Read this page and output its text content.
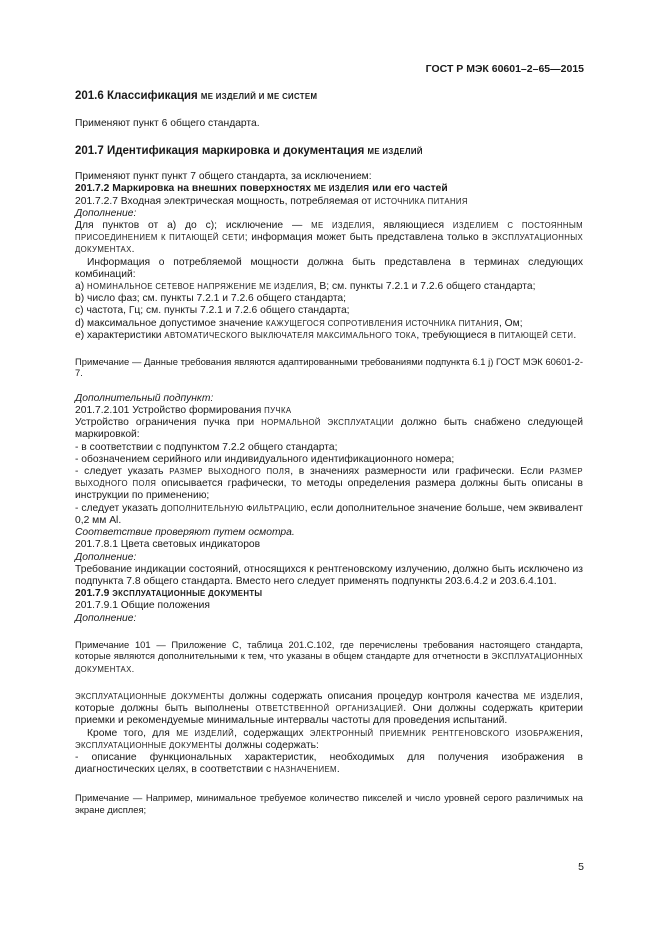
ГОСТ Р МЭК 60601–2–65—2015
201.6 Классификация МЕ ИЗДЕЛИЙ И МЕ СИСТЕМ

Применяют пункт 6 общего стандарта.

201.7 Идентификация маркировка и документация МЕ ИЗДЕЛИЙ

Применяют пункт пункт 7 общего стандарта, за исключением:

201.7.2 Маркировка на внешних поверхностях МЕ ИЗДЕЛИЯ или его частей

201.7.2.7 Входная электрическая мощность, потребляемая от ИСТОЧНИКА ПИТАНИЯ

Дополнение:

Для пунктов от a) до с); исключение — МЕ ИЗДЕЛИЯ, являющиеся ИЗДЕЛИЕМ С ПОСТОЯННЫМ ПРИСОЕДИНЕНИЕМ К ПИТАЮЩЕЙ СЕТИ; информация может быть представлена только в ЭКСПЛУАТАЦИОННЫХ ДОКУМЕНТАХ.

Информация о потребляемой мощности должна быть представлена в терминах следующих комбинаций:

a) НОМИНАЛЬНОЕ СЕТЕВОЕ НАПРЯЖЕНИЕ МЕ ИЗДЕЛИЯ, В; см. пункты 7.2.1 и 7.2.6 общего стандарта;

b) число фаз; см. пункты 7.2.1 и 7.2.6 общего стандарта;

c) частота, Гц; см. пункты 7.2.1 и 7.2.6 общего стандарта;

d) максимальное допустимое значение КАЖУЩЕГОСЯ СОПРОТИВЛЕНИЯ ИСТОЧНИКА ПИТАНИЯ, Ом;

e) характеристики АВТОМАТИЧЕСКОГО ВЫКЛЮЧАТЕЛЯ МАКСИМАЛЬНОГО ТОКА, требующиеся в ПИТАЮЩЕЙ СЕТИ.

Примечание — Данные требования являются адаптированными требованиями подпункта 6.1 j) ГОСТ МЭК 60601-2-7.

Дополнительный подпункт:

201.7.2.101 Устройство формирования ПУЧКА

Устройство ограничения пучка при НОРМАЛЬНОЙ ЭКСПЛУАТАЦИИ должно быть снабжено следующей маркировкой:

- в соответствии с подпунктом 7.2.2 общего стандарта;

- обозначением серийного или индивидуального идентификационного номера;

- следует указать РАЗМЕР ВЫХОДНОГО ПОЛЯ, в значениях размерности или графически. Если РАЗМЕР ВЫХОДНОГО ПОЛЯ описывается графически, то методы определения размера должны быть описаны в инструкции по применению;

- следует указать ДОПОЛНИТЕЛЬНУЮ ФИЛЬТРАЦИЮ, если дополнительное значение больше, чем эквивалент 0,2 мм Al.

Соответствие проверяют путем осмотра.

201.7.8.1 Цвета световых индикаторов

Дополнение:

Требование индикации состояний, относящихся к рентгеновскому излучению, должно быть исключено из подпункта 7.8 общего стандарта. Вместо него следует применять подпункты 203.6.4.2 и 203.6.4.101.

201.7.9 ЭКСПЛУАТАЦИОННЫЕ ДОКУМЕНТЫ

201.7.9.1 Общие положения

Дополнение:

Примечание 101 — Приложение С, таблица 201.С.102, где перечислены требования настоящего стандарта, которые являются дополнительными к тем, что указаны в общем стандарте для отчетности в ЭКСПЛУАТАЦИОННЫХ ДОКУМЕНТАХ.

ЭКСПЛУАТАЦИОННЫЕ ДОКУМЕНТЫ должны содержать описания процедур контроля качества МЕ ИЗДЕЛИЯ, которые должны быть выполнены ОТВЕТСТВЕННОЙ ОРГАНИЗАЦИЕЙ. Они должны содержать критерии приемки и рекомендуемые минимальные интервалы частоты для проведения испытаний.

Кроме того, для МЕ ИЗДЕЛИЙ, содержащих ЭЛЕКТРОННЫЙ ПРИЕМНИК РЕНТГЕНОВСКОГО ИЗОБРАЖЕНИЯ, ЭКСПЛУАТАЦИОННЫЕ ДОКУМЕНТЫ должны содержать:

- описание функциональных характеристик, необходимых для получения изображения в диагностических целях, в соответствии с НАЗНАЧЕНИЕМ.

Примечание — Например, минимальное требуемое количество пикселей и число уровней серого различимых на экране дисплея;

5
